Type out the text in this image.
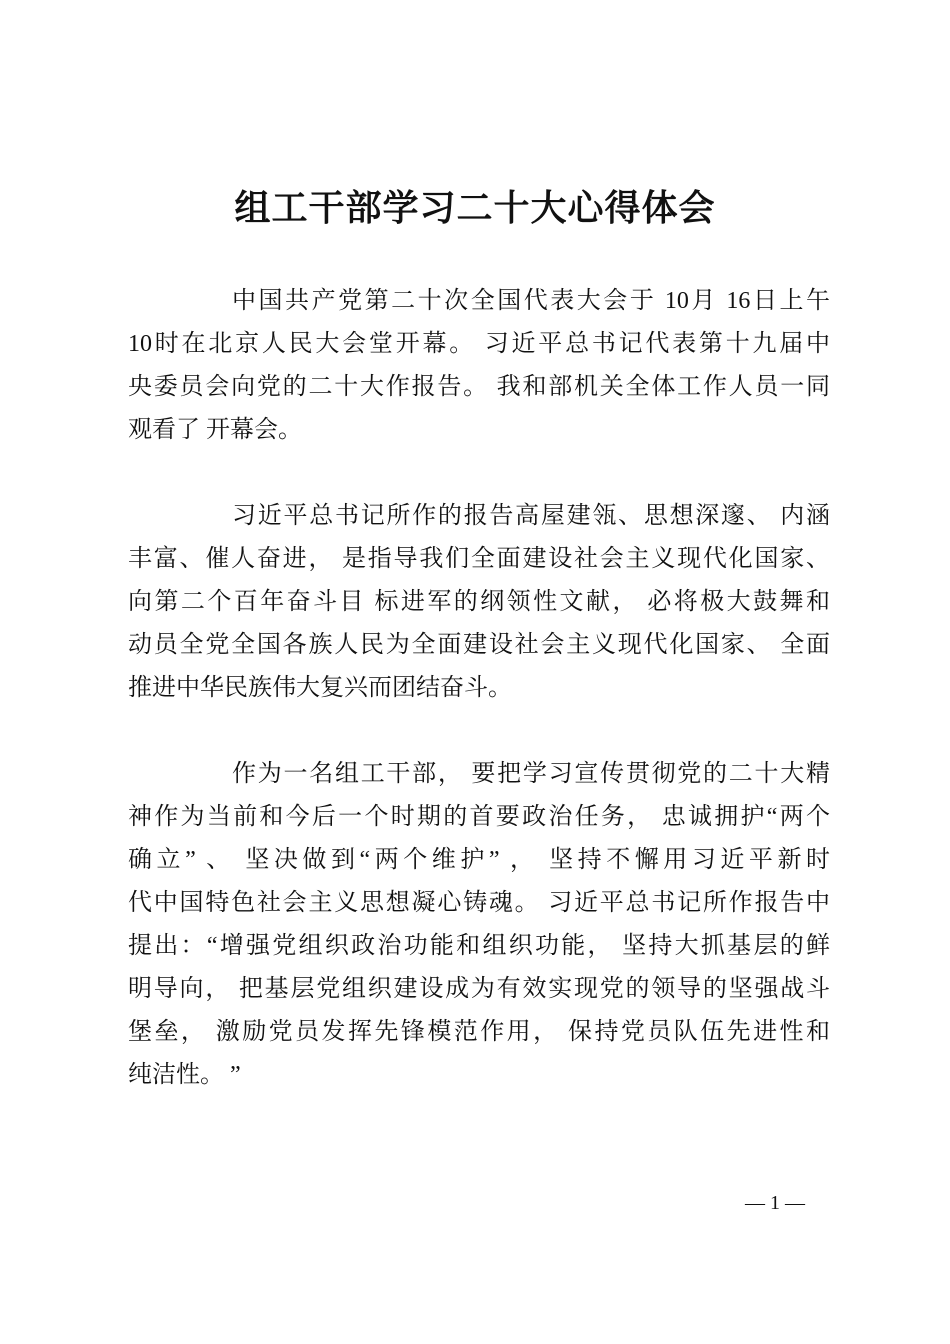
组工干部学习二十大心得体会
中国共产党第二十次全国代表大会于 10月 16日上午
10时在北京人民大会堂开幕。 习近平总书记代表第十九届中
央委员会向党的二十大作报告。 我和部机关全体工作人员一同
观看了 开幕会。
习近平总书记所作的报告高屋建瓴、思想深邃、 内涵
丰富、催人奋进， 是指导我们全面建设社会主义现代化国家、
向第二个百年奋斗目 标进军的纲领性文献， 必将极大鼓舞和
动员全党全国各族人民为全面建设社会主义现代化国家、 全面
推进中华民族伟大复兴而团结奋斗。
作为一名组工干部， 要把学习宣传贯彻党的二十大精
神作为当前和今后一个时期的首要政治任务， 忠诚拥护“两个
确立” 、 坚决做到“两个维护” ， 坚持不懈用习近平新时
代中国特色社会主义思想凝心铸魂。 习近平总书记所作报告中
提出：“增强党组织政治功能和组织功能， 坚持大抓基层的鲜
明导向， 把基层党组织建设成为有效实现党的领导的坚强战斗
堡垒， 激励党员发挥先锋模范作用， 保持党员队伍先进性和
纯洁性。 ”
— 1 —
